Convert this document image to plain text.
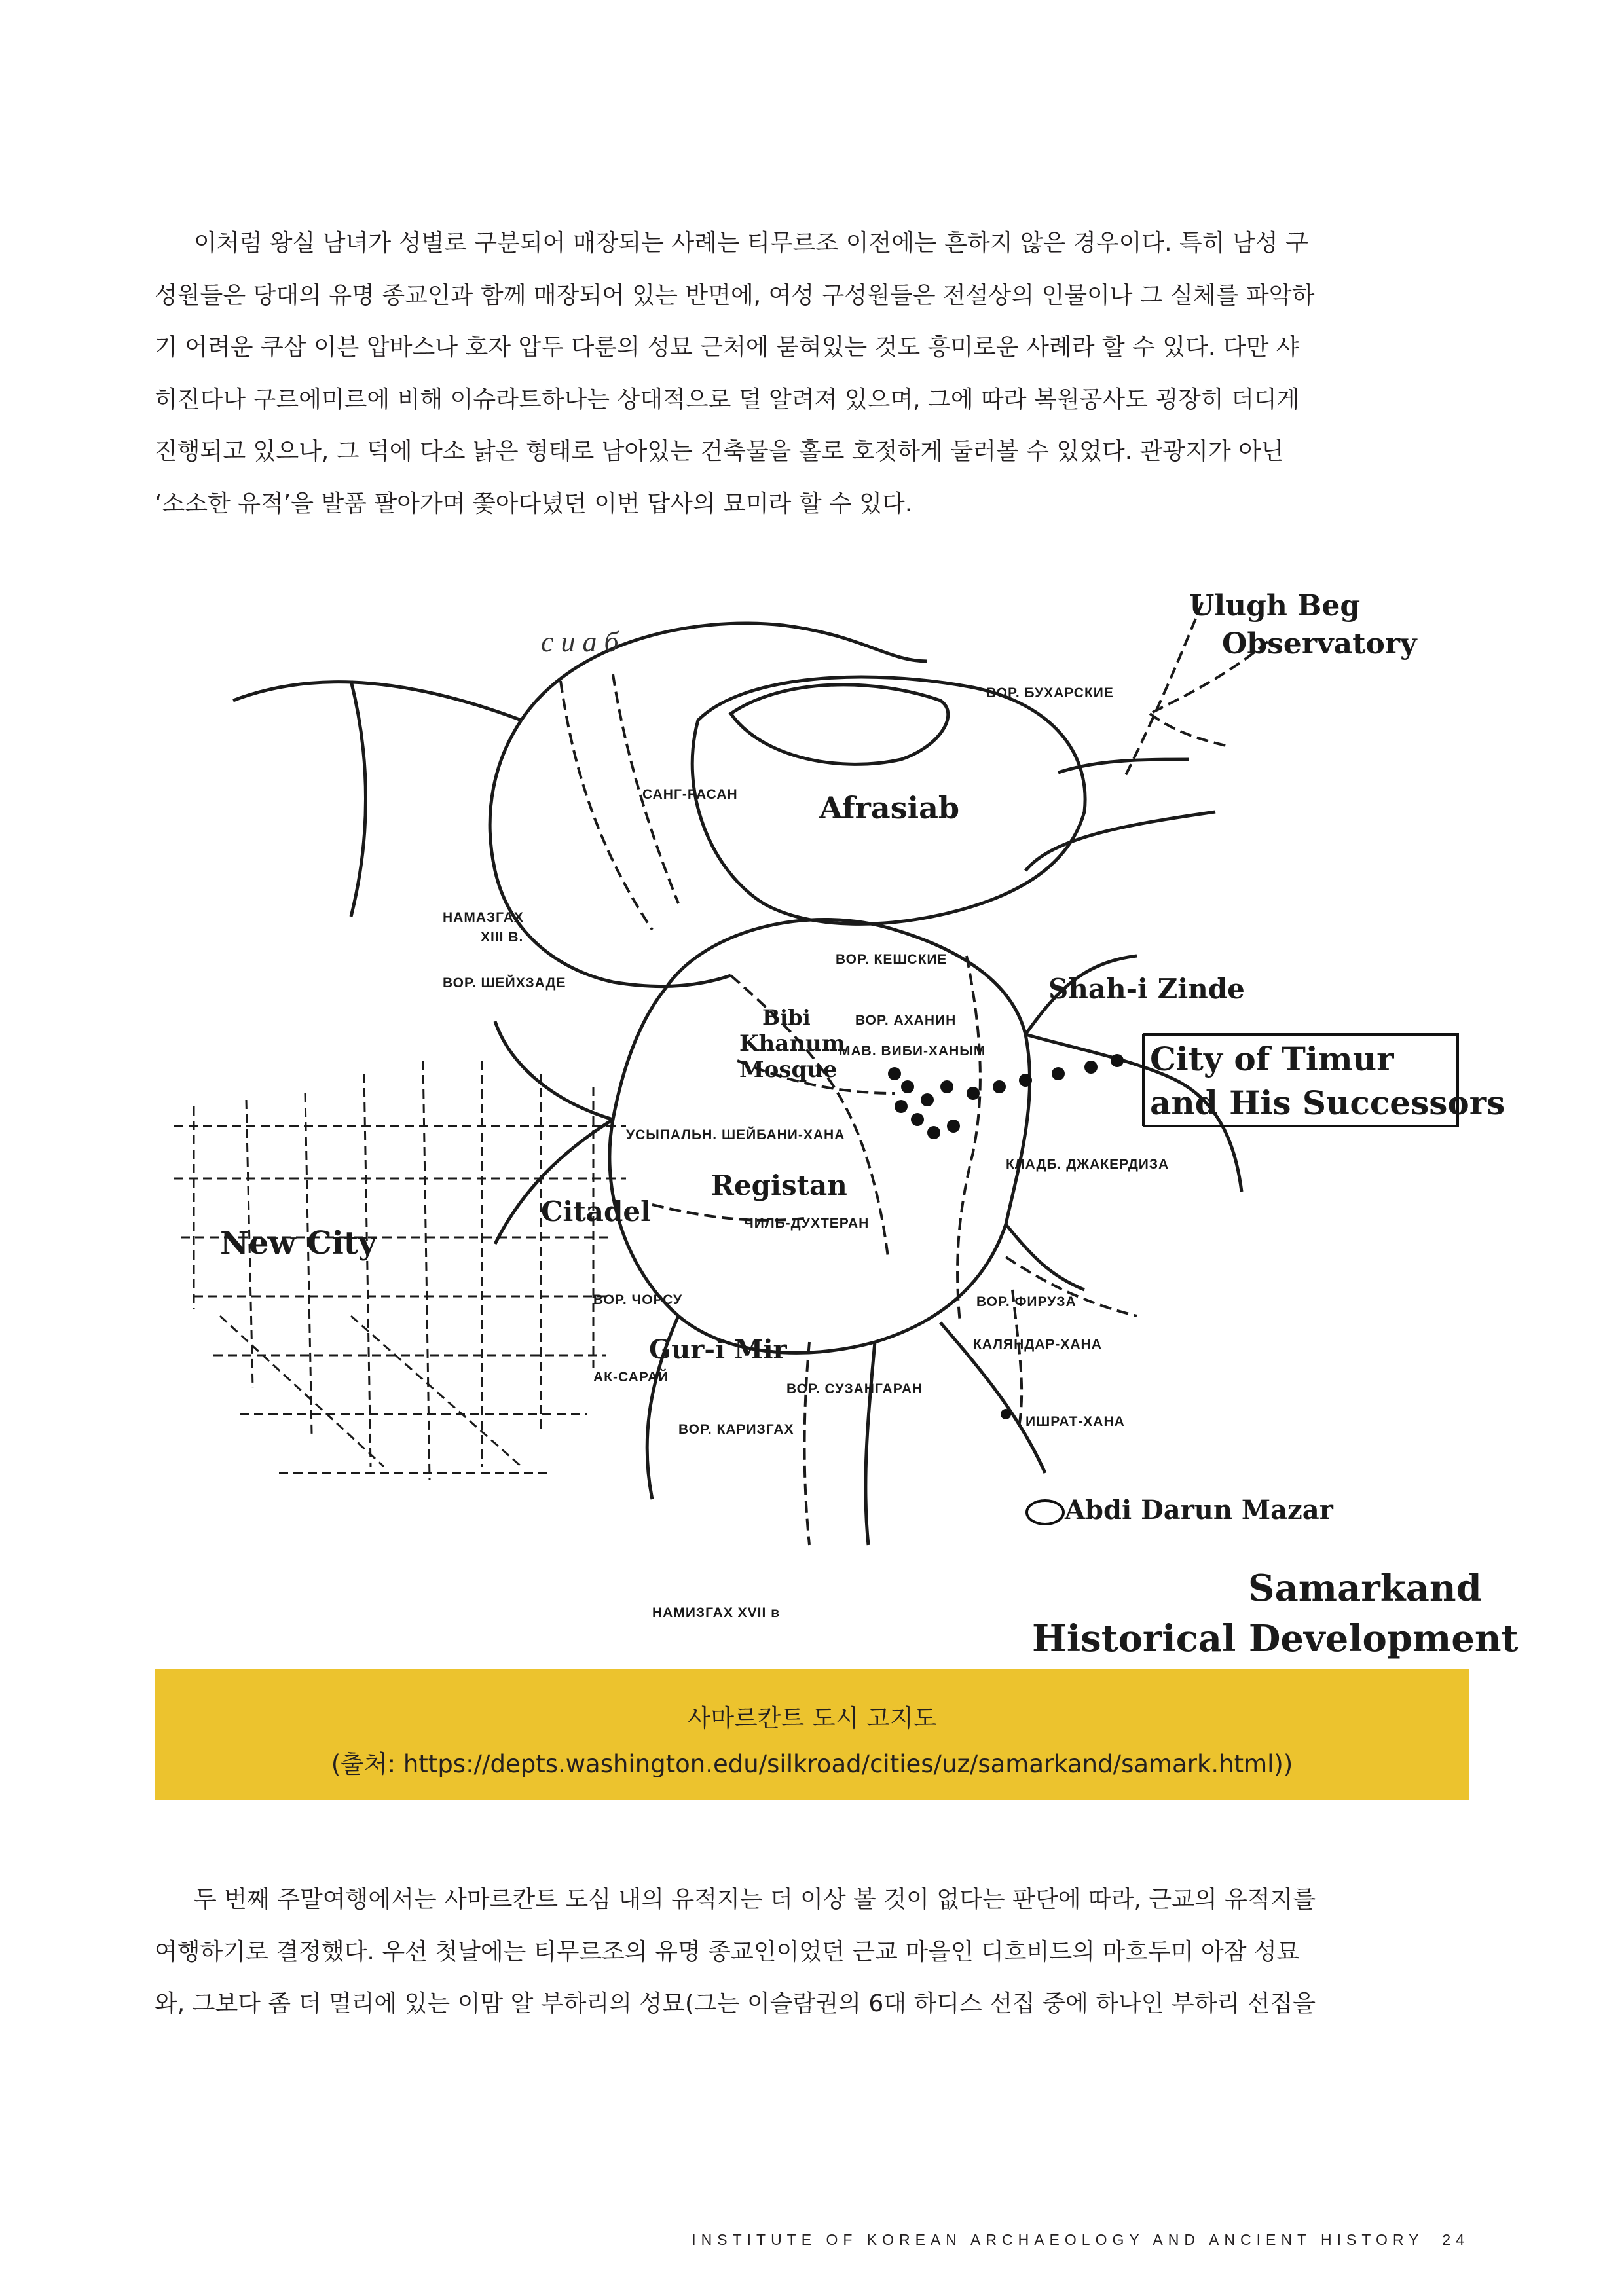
이처럼 왕실 남녀가 성별로 구분되어 매장되는 사례는 티무르조 이전에는 흔하지 않은 경우이다. 특히 남성 구
성원들은 당대의 유명 종교인과 함께 매장되어 있는 반면에, 여성 구성원들은 전설상의 인물이나 그 실체를 파악하
기 어려운 쿠삼 이븐 압바스나 호자 압두 다룬의 성묘 근처에 묻혀있는 것도 흥미로운 사례라 할 수 있다. 다만 샤
히진다나 구르에미르에 비해 이슈라트하나는 상대적으로 덜 알려져 있으며, 그에 따라 복원공사도 굉장히 더디게
진행되고 있으나, 그 덕에 다소 낡은 형태로 남아있는 건축물을 홀로 호젓하게 둘러볼 수 있었다. 관광지가 아닌
‘소소한 유적’을 발품 팔아가며 쫓아다녔던 이번 답사의 묘미라 할 수 있다.
Ulugh Beg
Observatory
Afrasiab
Shah-i Zinde
City of Timur
and His Successors
Bibi
Khanum
Mosque
Registan
Citadel
New City
Gur-i Mir
Abdi Darun Mazar
Samarkand
Historical Development
с и а б
ВОР. БУХАРСКИЕ
САНГ-РАСАН
НАМАЗГАХ
XIII В.
ВОР. ШЕЙХЗАДЕ
ВОР. КЕШСКИЕ
ВОР. АХАНИН
МАВ. ВИБИ-ХАНЫМ
УСЫПАЛЬН. ШЕЙБАНИ-ХАНА
КЛАДБ. ДЖАКЕРДИЗА
ЧИЛЬ-ДУХТЕРАН
ВОР. ЧОРСУ	ВОР. ФИРУЗА
КАЛЯНДАР-ХАНА
АК-САРАЙ
ВОР. СУЗАНГАРАН
ИШРАТ-ХАНА
ВОР. КАРИЗГАХ
НАМИЗГАХ XVII в
사마르칸트 도시 고지도
(출처: https://depts.washington.edu/silkroad/cities/uz/samarkand/samark.html))
두 번째 주말여행에서는 사마르칸트 도심 내의 유적지는 더 이상 볼 것이 없다는 판단에 따라, 근교의 유적지를
여행하기로 결정했다. 우선 첫날에는 티무르조의 유명 종교인이었던 근교 마을인 디흐비드의 마흐두미 아잠 성묘
와, 그보다 좀 더 멀리에 있는 이맘 알 부하리의 성묘(그는 이슬람권의 6대 하디스 선집 중에 하나인 부하리 선집을
INSTITUTE OF KOREAN ARCHAEOLOGY AND ANCIENT HISTORY 24
